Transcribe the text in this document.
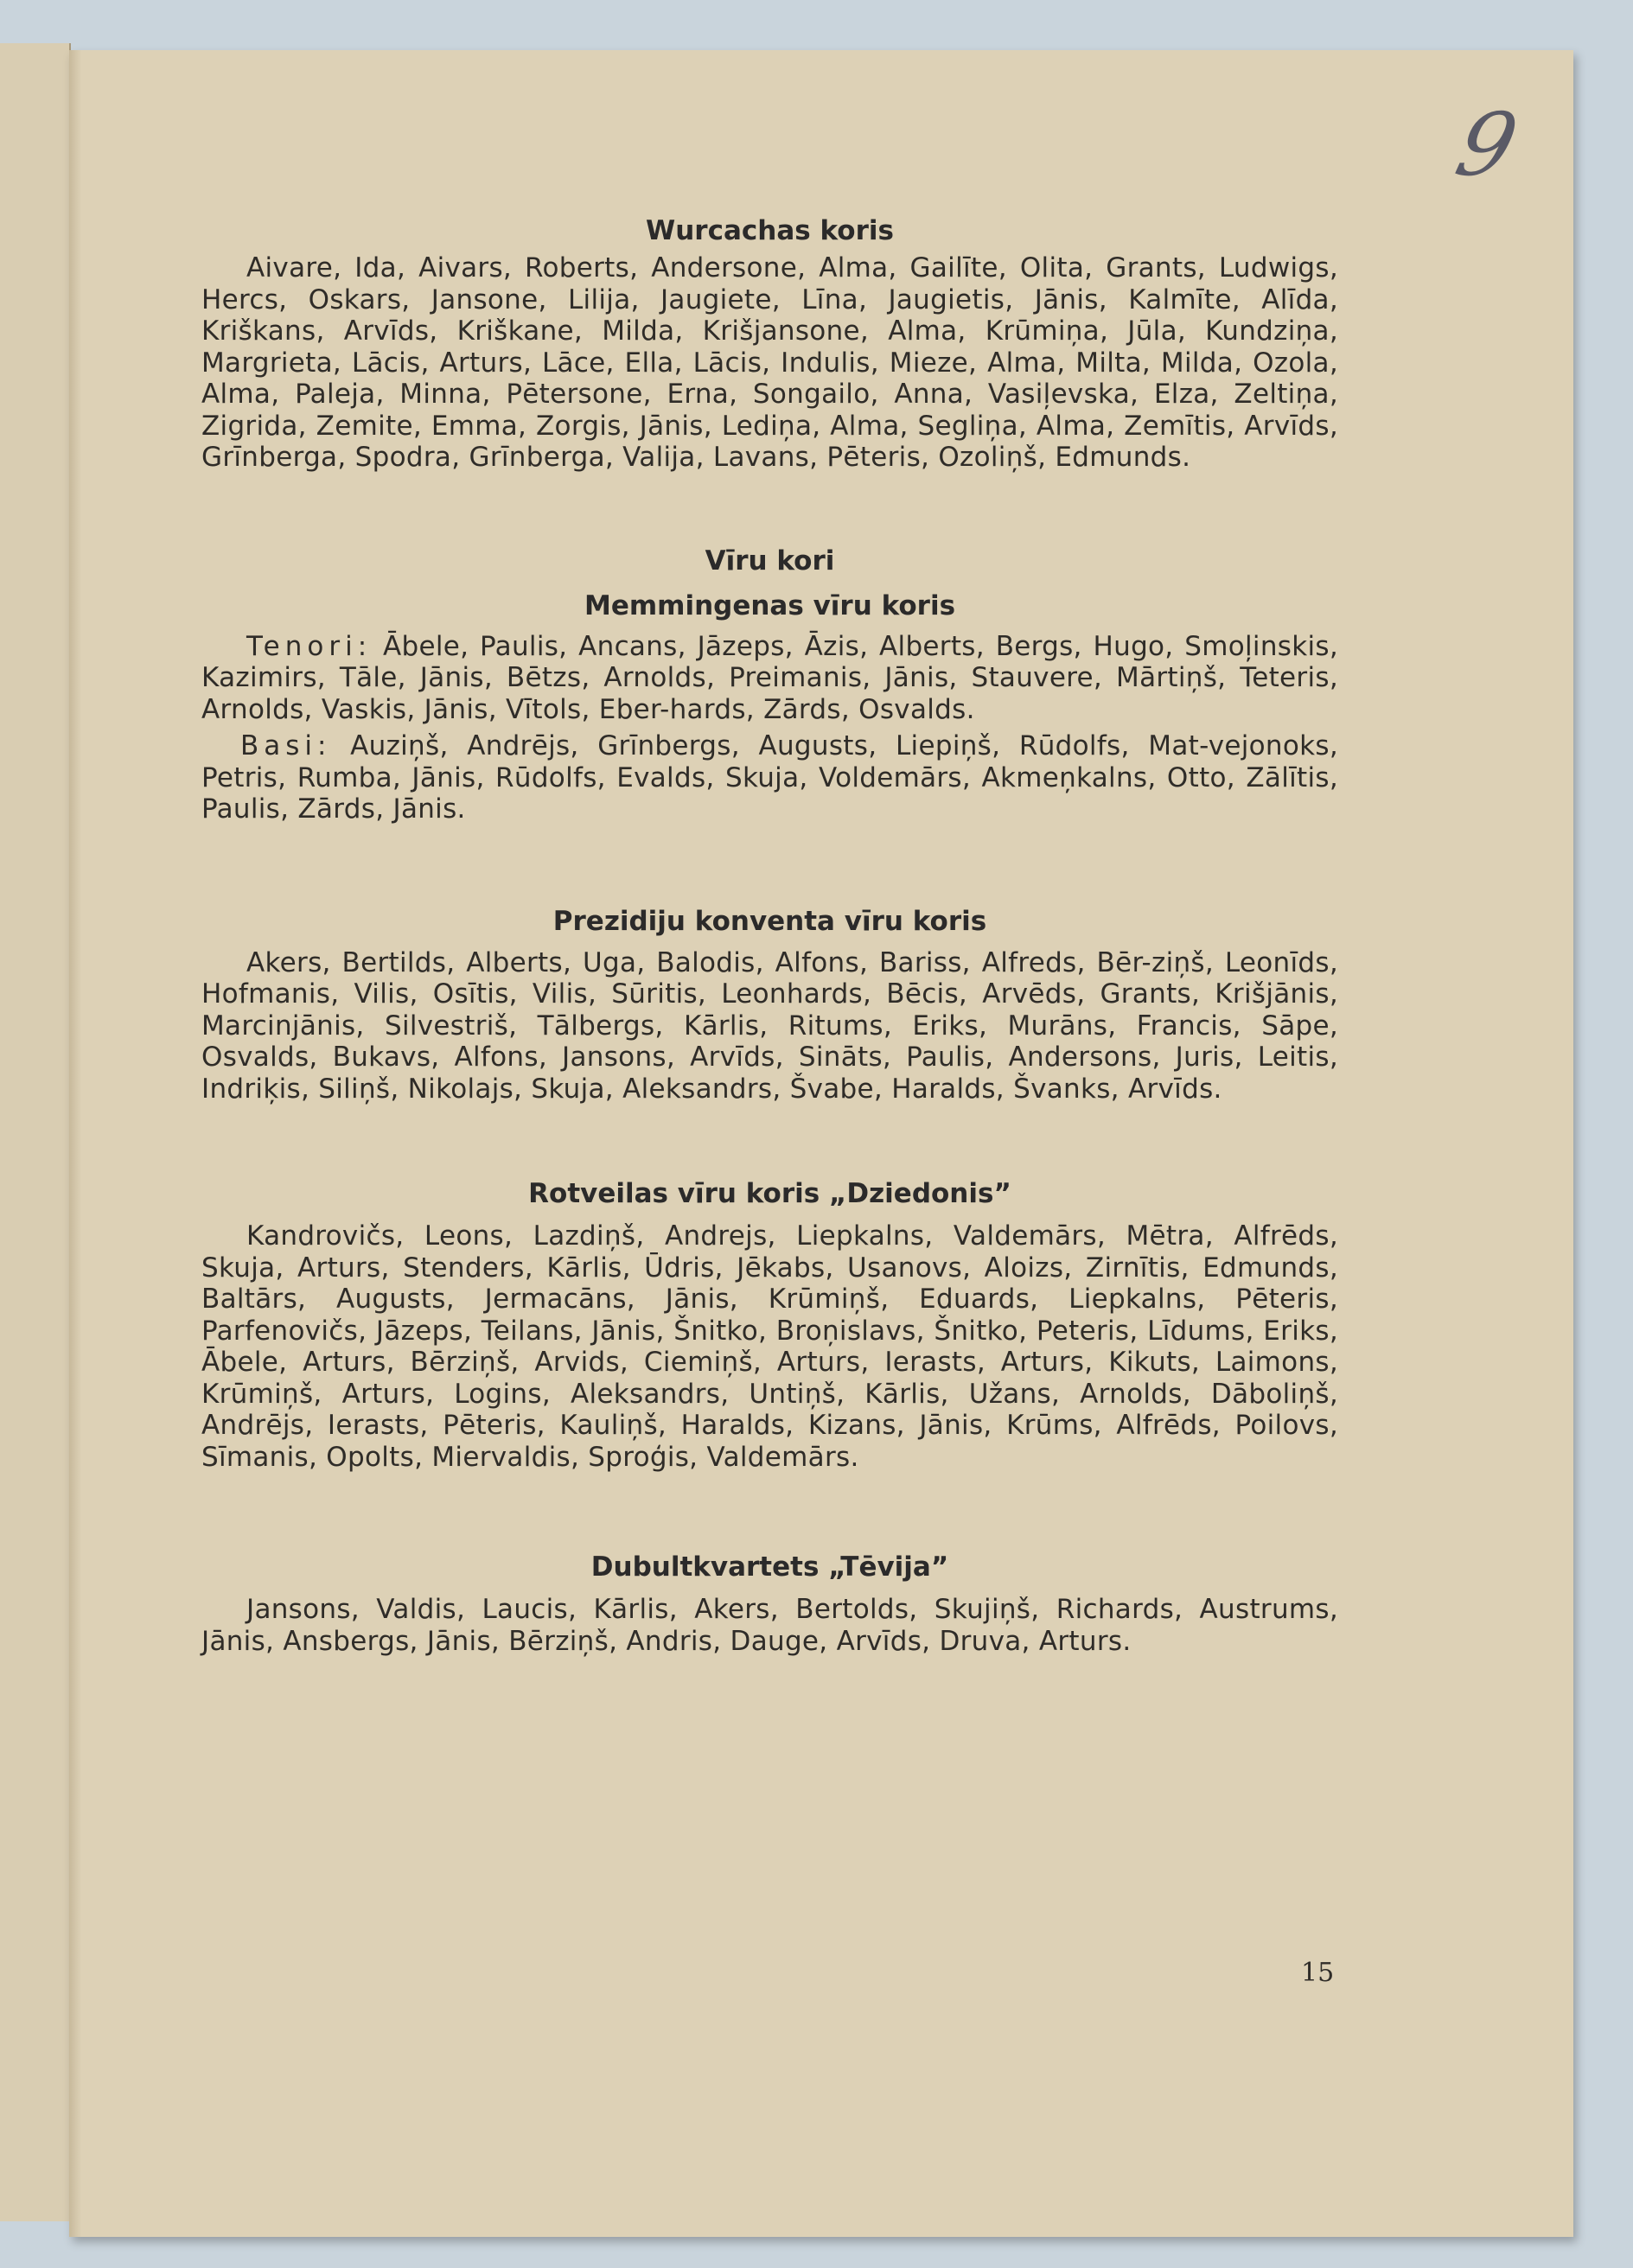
9
Wurcachas koris

Aivare, Ida, Aivars, Roberts, Andersone, Alma, Gailīte, Olita, Grants, Ludwigs, Hercs, Oskars, Jansone, Lilija, Jaugiete, Līna, Jaugietis, Jānis, Kalmīte, Alīda, Kriškans, Arvīds, Kriškane, Milda, Krišjansone, Alma, Krūmiņa, Jūla, Kundziņa, Margrieta, Lācis, Arturs, Lāce, Ella, Lācis, Indulis, Mieze, Alma, Milta, Milda, Ozola, Alma, Paleja, Minna, Pētersone, Erna, Songailo, Anna, Vasiļevska, Elza, Zeltiņa, Zigrida, Zemite, Emma, Zorgis, Jānis, Lediņa, Alma, Segliņa, Alma, Zemītis, Arvīds, Grīnberga, Spodra, Grīnberga, Valija, Lavans, Pēteris, Ozoliņš, Edmunds.

Vīru kori
Memmingenas vīru koris

Tenori: Ābele, Paulis, Ancans, Jāzeps, Āzis, Alberts, Bergs, Hugo, Smoļinskis, Kazimirs, Tāle, Jānis, Bētzs, Arnolds, Preimanis, Jānis, Stauvere, Mārtiņš, Teteris, Arnolds, Vaskis, Jānis, Vītols, Eber-hards, Zārds, Osvalds.

Basi: Auziņš, Andrējs, Grīnbergs, Augusts, Liepiņš, Rūdolfs, Mat-vejonoks, Petris, Rumba, Jānis, Rūdolfs, Evalds, Skuja, Voldemārs, Akmeņkalns, Otto, Zālītis, Paulis, Zārds, Jānis.

Prezidiju konventa vīru koris

Akers, Bertilds, Alberts, Uga, Balodis, Alfons, Bariss, Alfreds, Bēr-ziņš, Leonīds, Hofmanis, Vilis, Osītis, Vilis, Sūritis, Leonhards, Bēcis, Arvēds, Grants, Krišjānis, Marcinjānis, Silvestriš, Tālbergs, Kārlis, Ritums, Eriks, Murāns, Francis, Sāpe, Osvalds, Bukavs, Alfons, Jansons, Arvīds, Sināts, Paulis, Andersons, Juris, Leitis, Indriķis, Siliņš, Nikolajs, Skuja, Aleksandrs, Švabe, Haralds, Švanks, Arvīds.

Rotveilas vīru koris „Dziedonis”

Kandrovičs, Leons, Lazdiņš, Andrejs, Liepkalns, Valdemārs, Mētra, Alfrēds, Skuja, Arturs, Stenders, Kārlis, Ūdris, Jēkabs, Usanovs, Aloizs, Zirnītis, Edmunds, Baltārs, Augusts, Jermacāns, Jānis, Krūmiņš, Eduards, Liepkalns, Pēteris, Parfenovičs, Jāzeps, Teilans, Jānis, Šnitko, Broņislavs, Šnitko, Peteris, Līdums, Eriks, Ābele, Arturs, Bērziņš, Arvids, Ciemiņš, Arturs, Ierasts, Arturs, Kikuts, Laimons, Krūmiņš, Arturs, Logins, Aleksandrs, Untiņš, Kārlis, Užans, Arnolds, Dāboliņš, Andrējs, Ierasts, Pēteris, Kauliņš, Haralds, Kizans, Jānis, Krūms, Alfrēds, Poilovs, Sīmanis, Opolts, Miervaldis, Sproģis, Valdemārs.

Dubultkvartets „Tēvija”

Jansons, Valdis, Laucis, Kārlis, Akers, Bertolds, Skujiņš, Richards, Austrums, Jānis, Ansbergs, Jānis, Bērziņš, Andris, Dauge, Arvīds, Druva, Arturs.

15
